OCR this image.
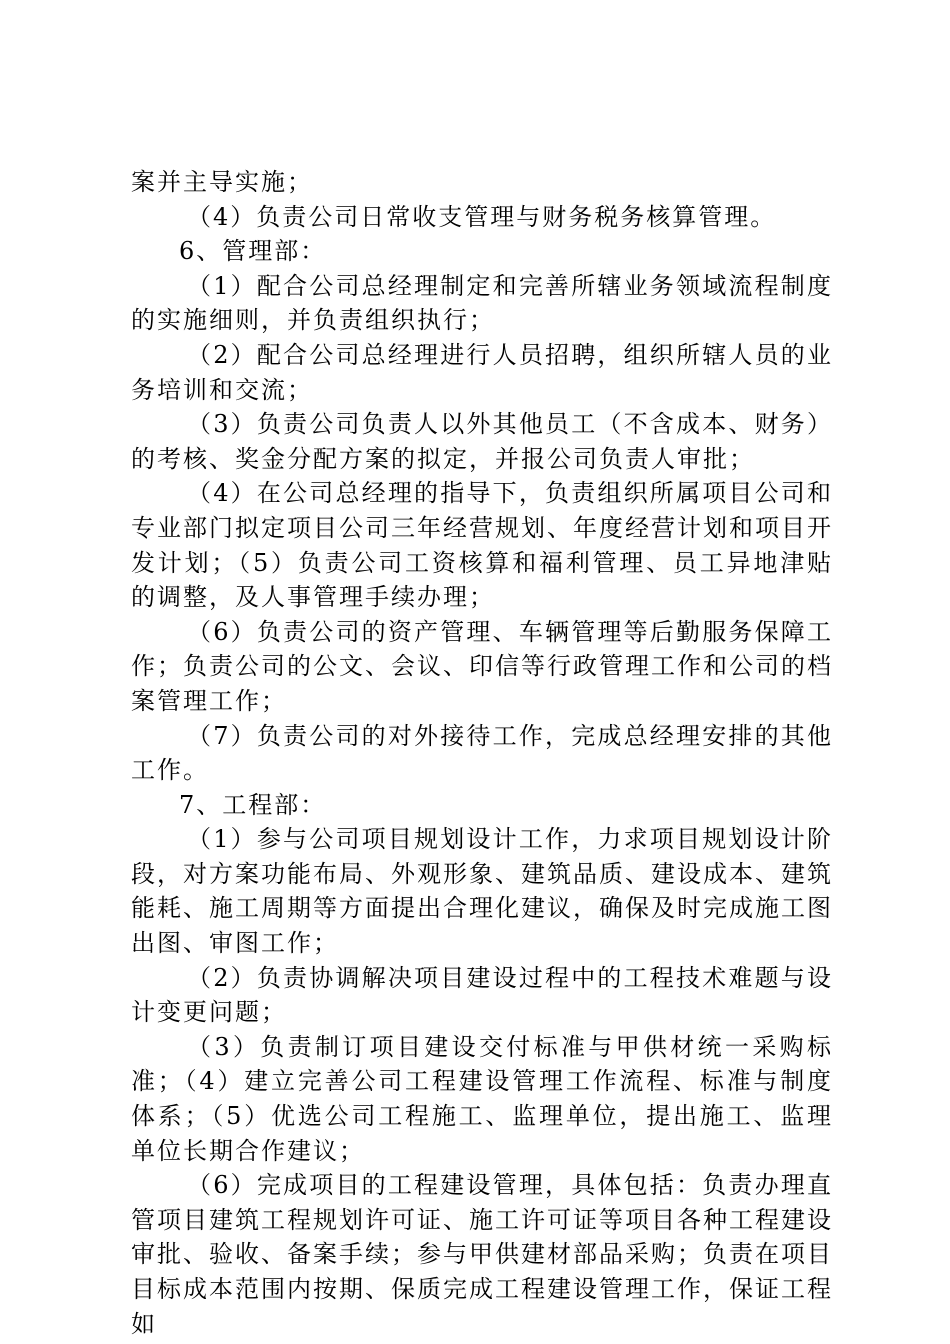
案并主导实施；

（4）负责公司日常收支管理与财务税务核算管理。

6、管理部：

（1）配合公司总经理制定和完善所辖业务领域流程制度的实施细则，并负责组织执行；

（2）配合公司总经理进行人员招聘，组织所辖人员的业务培训和交流；

（3）负责公司负责人以外其他员工（不含成本、财务）的考核、奖金分配方案的拟定，并报公司负责人审批；

（4）在公司总经理的指导下，负责组织所属项目公司和专业部门拟定项目公司三年经营规划、年度经营计划和项目开发计划；（5）负责公司工资核算和福利管理、员工异地津贴的调整，及人事管理手续办理；

（6）负责公司的资产管理、车辆管理等后勤服务保障工作；负责公司的公文、会议、印信等行政管理工作和公司的档案管理工作；

（7）负责公司的对外接待工作，完成总经理安排的其他工作。

7、工程部：

（1）参与公司项目规划设计工作，力求项目规划设计阶段，对方案功能布局、外观形象、建筑品质、建设成本、建筑能耗、施工周期等方面提出合理化建议，确保及时完成施工图出图、审图工作；

（2）负责协调解决项目建设过程中的工程技术难题与设计变更问题；

（3）负责制订项目建设交付标准与甲供材统一采购标准；（4）建立完善公司工程建设管理工作流程、标准与制度体系；（5）优选公司工程施工、监理单位，提出施工、监理单位长期合作建议；

（6）完成项目的工程建设管理，具体包括：负责办理直管项目建筑工程规划许可证、施工许可证等项目各种工程建设审批、验收、备案手续；参与甲供建材部品采购；负责在项目目标成本范围内按期、保质完成工程建设管理工作，保证工程如
